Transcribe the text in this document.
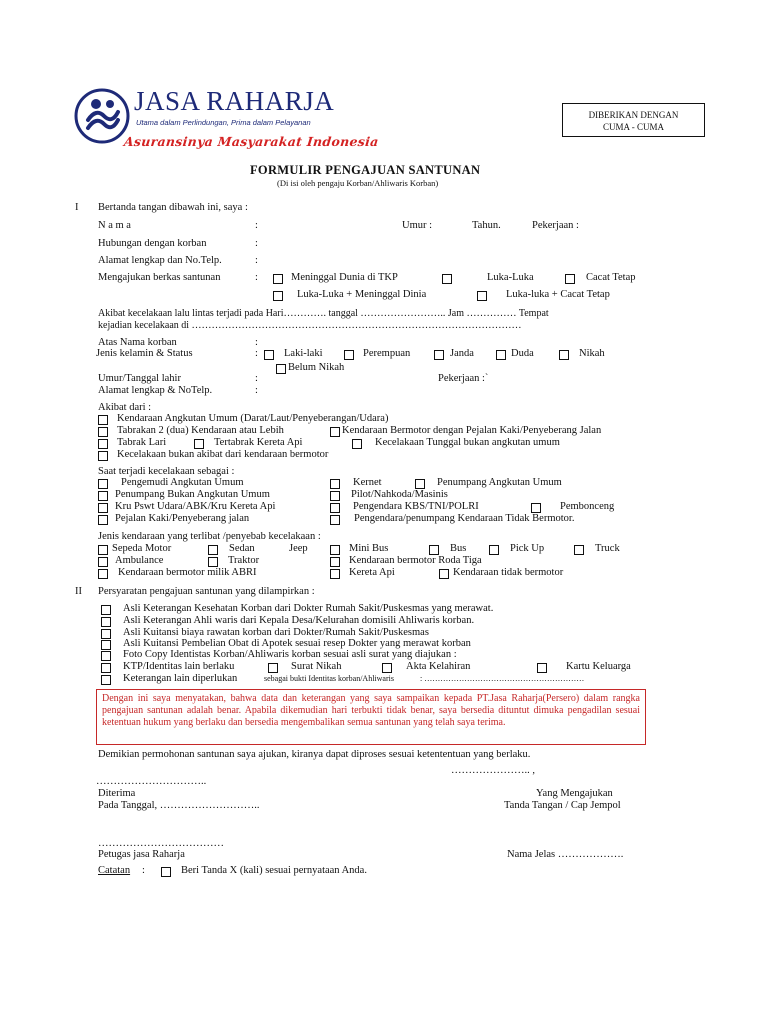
JASA RAHARJA
Utama dalam Perlindungan, Prima dalam Pelayanan
Asuransinya Masyarakat Indonesia
DIBERIKAN DENGAN
CUMA - CUMA
FORMULIR PENGAJUAN SANTUNAN
(Di isi oleh pengaju Korban/Ahliwaris Korban)
I Bertanda tangan dibawah ini, saya :
N a m a	:	Umur :	Tahun.	Pekerjaan :
Hubungan dengan korban	:
Alamat lengkap dan No.Telp.	:
Mengajukan berkas santunan	:	Meninggal Dunia di TKP	Luka-Luka	Cacat Tetap
Luka-Luka + Meninggal Dinia	Luka-luka + Cacat Tetap
Akibat kecelakaan lalu lintas terjadi pada Hari…………. tanggal …………………….. Jam …………… Tempat
kejadian kecelakaan di ………………………………………………………………………………………
Atas Nama korban	:
Jenis kelamin & Status	: Laki-laki	Perempuan	Janda	Duda	Nikah
Belum Nikah
Umur/Tanggal lahir	:	Pekerjaan :`
Alamat lengkap & NoTelp.	:
Akibat dari :
Kendaraan Angkutan Umum (Darat/Laut/Penyeberangan/Udara)
Tabrakan 2 (dua) Kendaraan atau Lebih	Kendaraan Bermotor dengan Pejalan Kaki/Penyeberang Jalan
Tabrak Lari	Tertabrak Kereta Api	Kecelakaan Tunggal bukan angkutan umum
Kecelakaan bukan akibat dari kendaraan bermotor
Saat terjadi kecelakaan sebagai :
Pengemudi Angkutan Umum	Kernet	Penumpang Angkutan Umum
Penumpang Bukan Angkutan Umum	Pilot/Nahkoda/Masinis
Kru Pswt Udara/ABK/Kru Kereta Api	Pengendara KBS/TNI/POLRI	Pembonceng
Pejalan Kaki/Penyeberang jalan	Pengendara/penumpang Kendaraan Tidak Bermotor.
Jenis kendaraan yang terlibat /penyebab kecelakaan :
Sepeda Motor	Sedan	Jeep	Mini Bus	Bus	Pick Up	Truck
Ambulance	Traktor	Kendaraan bermotor Roda Tiga
Kendaraan bermotor milik ABRI	Kereta Api	Kendaraan tidak bermotor
II Persyaratan pengajuan santunan yang dilampirkan :
Asli Keterangan Kesehatan Korban dari Dokter Rumah Sakit/Puskesmas yang merawat.
Asli Keterangan Ahli waris dari Kepala Desa/Kelurahan domisili Ahliwaris korban.
Asli Kuitansi biaya rawatan korban dari Dokter/Rumah Sakit/Puskesmas
Asli Kuitansi Pembelian Obat di Apotek sesuai resep Dokter yang merawat korban
Foto Copy Identistas Korban/Ahliwaris korban sesuai asli surat yang diajukan :
KTP/Identitas lain berlaku	Surat Nikah	Akta Kelahiran	Kartu Keluarga
Keterangan lain diperlukan	sebagai bukti Identitas korban/Ahliwaris	: ……………………………………………………
Dengan ini saya menyatakan, bahwa data dan keterangan yang saya sampaikan kepada PT.Jasa Raharja(Persero) dalam rangka pengajuan santunan adalah benar. Apabila dikemudian hari terbukti tidak benar, saya bersedia dituntut dimuka pengadilan sesuai ketentuan hukum yang berlaku dan bersedia mengembalikan semua santunan yang telah saya terima.
Demikian permohonan santunan saya ajukan, kiranya dapat diproses sesuai ketententuan yang berlaku.
………………….. ,
…………………………..
Diterima	Yang Mengajukan
Pada Tanggal, ………………………..	Tanda Tangan / Cap Jempol
………………………………
Petugas jasa Raharja	Nama Jelas ……………….
Catatan :	Beri Tanda X (kali) sesuai pernyataan Anda.
